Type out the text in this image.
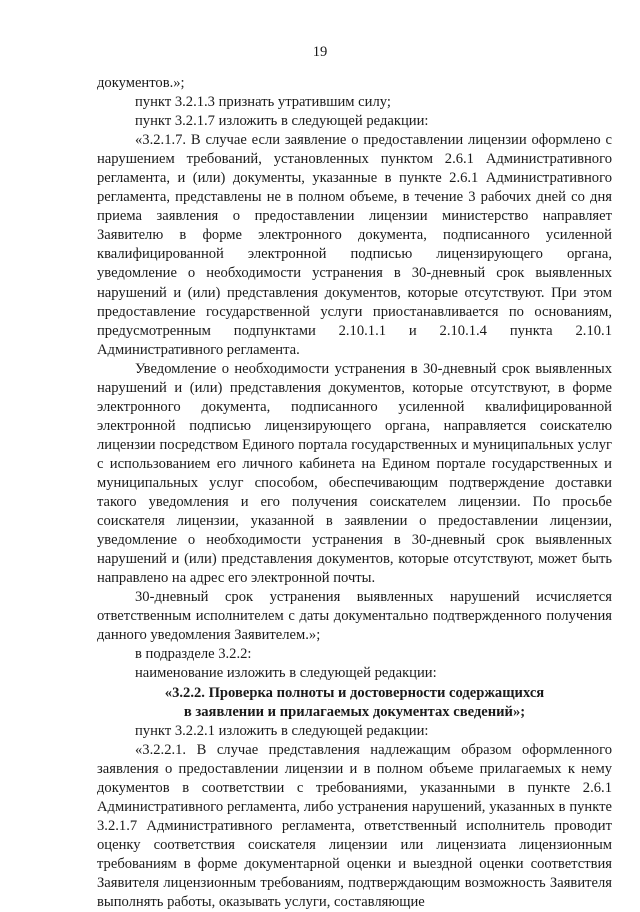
19

документов.»;

пункт 3.2.1.3 признать утратившим силу;

пункт 3.2.1.7 изложить в следующей редакции:

«3.2.1.7. В случае если заявление о предоставлении лицензии оформлено с нарушением требований, установленных пунктом 2.6.1 Административного регламента, и (или) документы, указанные в пункте 2.6.1 Административного регламента, представлены не в полном объеме, в течение 3 рабочих дней со дня приема заявления о предоставлении лицензии министерство направляет Заявителю в форме электронного документа, подписанного усиленной квалифицированной электронной подписью лицензирующего органа, уведомление о необходимости устранения в 30-дневный срок выявленных нарушений и (или) представления документов, которые отсутствуют. При этом предоставление государственной услуги приостанавливается по основаниям, предусмотренным подпунктами 2.10.1.1 и 2.10.1.4 пункта 2.10.1 Административного регламента.

Уведомление о необходимости устранения в 30-дневный срок выявленных нарушений и (или) представления документов, которые отсутствуют, в форме электронного документа, подписанного усиленной квалифицированной электронной подписью лицензирующего органа, направляется соискателю лицензии посредством Единого портала государственных и муниципальных услуг с использованием его личного кабинета на Едином портале государственных и муниципальных услуг способом, обеспечивающим подтверждение доставки такого уведомления и его получения соискателем лицензии. По просьбе соискателя лицензии, указанной в заявлении о предоставлении лицензии, уведомление о необходимости устранения в 30-дневный срок выявленных нарушений и (или) представления документов, которые отсутствуют, может быть направлено на адрес его электронной почты.

30-дневный срок устранения выявленных нарушений исчисляется ответственным исполнителем с даты документально подтвержденного получения данного уведомления Заявителем.»;

в подразделе 3.2.2:

наименование изложить в следующей редакции:

«3.2.2. Проверка полноты и достоверности содержащихся

в заявлении и прилагаемых документах сведений»;

пункт 3.2.2.1 изложить в следующей редакции:

«3.2.2.1. В случае представления надлежащим образом оформленного заявления о предоставлении лицензии и в полном объеме прилагаемых к нему документов в соответствии с требованиями, указанными в пункте 2.6.1 Административного регламента, либо устранения нарушений, указанных в пункте 3.2.1.7 Административного регламента, ответственный исполнитель проводит оценку соответствия соискателя лицензии или лицензиата лицензионным требованиям в форме документарной оценки и выездной оценки соответствия Заявителя лицензионным требованиям, подтверждающим возможность Заявителя выполнять работы, оказывать услуги, составляющие
